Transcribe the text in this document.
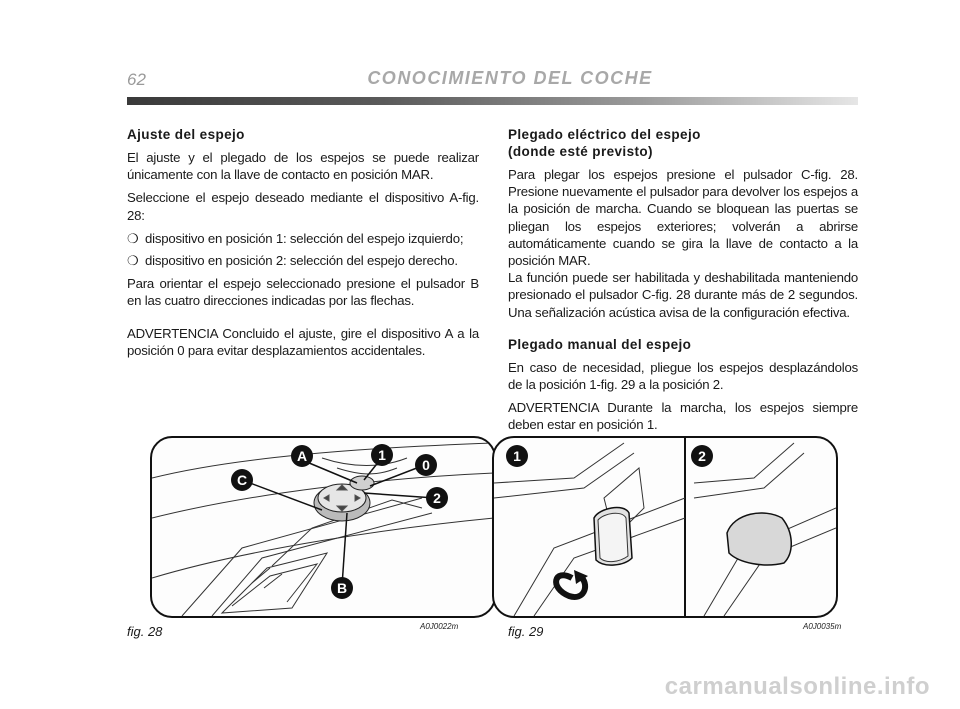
62	CONOCIMIENTO DEL COCHE
Ajuste del espejo

El ajuste y el plegado de los espejos se puede realizar únicamente con la llave de contacto en posición MAR.

Seleccione el espejo deseado mediante el dispositivo A-fig. 28:

❍ dispositivo en posición 1: selección del espejo izquierdo;
❍ dispositivo en posición 2: selección del espejo derecho.

Para orientar el espejo seleccionado presione el pulsador B en las cuatro direcciones indicadas por las flechas.

ADVERTENCIA Concluido el ajuste, gire el dispositivo A a la posición 0 para evitar desplazamientos accidentales.

Plegado eléctrico del espejo
(donde esté previsto)

Para plegar los espejos presione el pulsador C-fig. 28. Presione nuevamente el pulsador para devolver los espejos a la posición de marcha. Cuando se bloquean las puertas se pliegan los espejos exteriores; volverán a abrirse automáticamente cuando se gira la llave de contacto a la posición MAR.

La función puede ser habilitada y deshabilitada manteniendo presionado el pulsador C-fig. 28 durante más de 2 segundos. Una señalización acústica avisa de la configuración efectiva.

Plegado manual del espejo

En caso de necesidad, pliegue los espejos desplazándolos de la posición 1-fig. 29 a la posición 2.

ADVERTENCIA Durante la marcha, los espejos siempre deben estar en posición 1.

A	1
0
C
2
B
fig. 28	A0J0022m
1	2
fig. 29	A0J0035m
carmanualsonline.info
